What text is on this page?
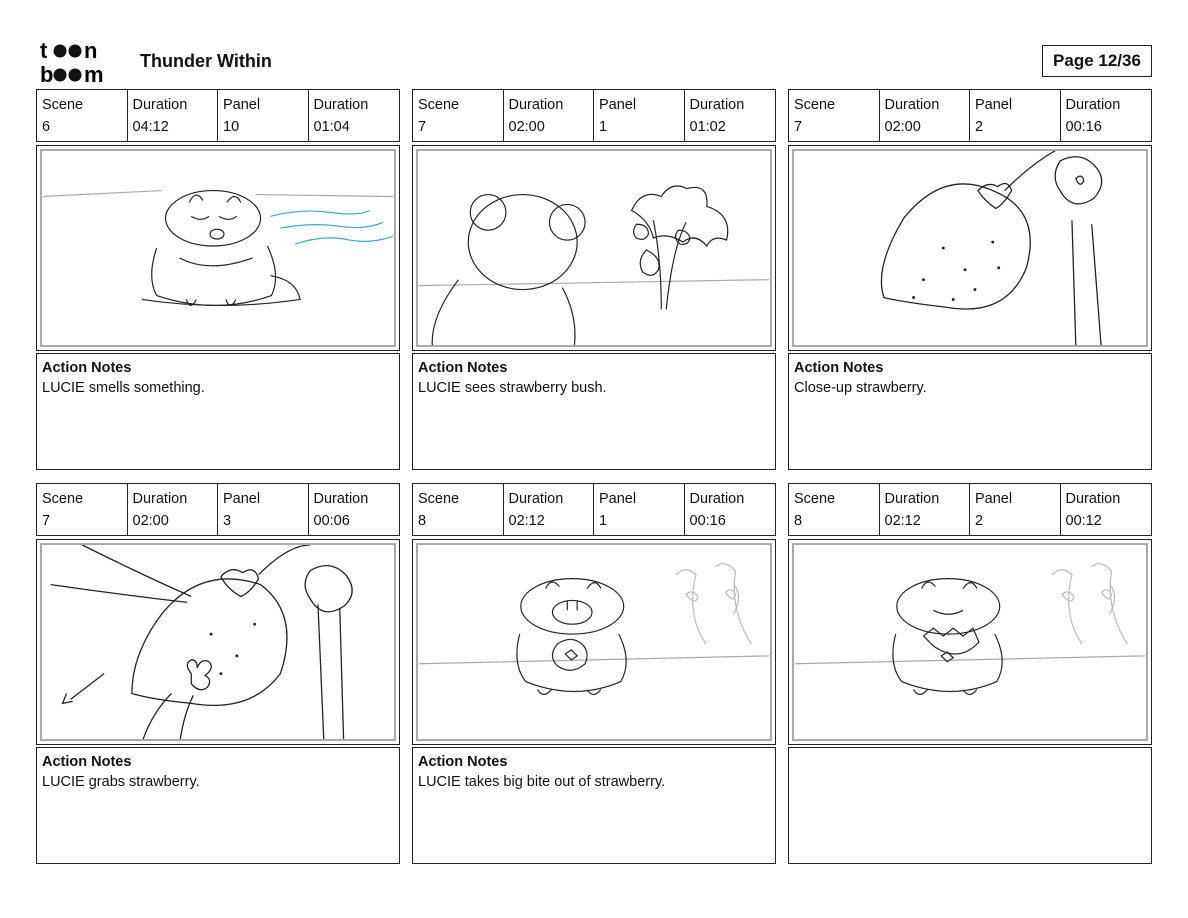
t n
b m
Thunder Within	Page 12/36
Scene
6
Duration
04:12
Panel
10
Duration
01:04
Action Notes
LUCIE smells something.
Scene
7
Duration
02:00
Panel
1
Duration
01:02
Action Notes
LUCIE sees strawberry bush.
Scene
7
Duration
02:00
Panel
2
Duration
00:16
Action Notes
Close-up strawberry.
Scene
7
Duration
02:00
Panel
3
Duration
00:06
Action Notes
LUCIE grabs strawberry.
Scene
8
Duration
02:12
Panel
1
Duration
00:16
Action Notes
LUCIE takes big bite out of strawberry.
Scene
8
Duration
02:12
Panel
2
Duration
00:12
